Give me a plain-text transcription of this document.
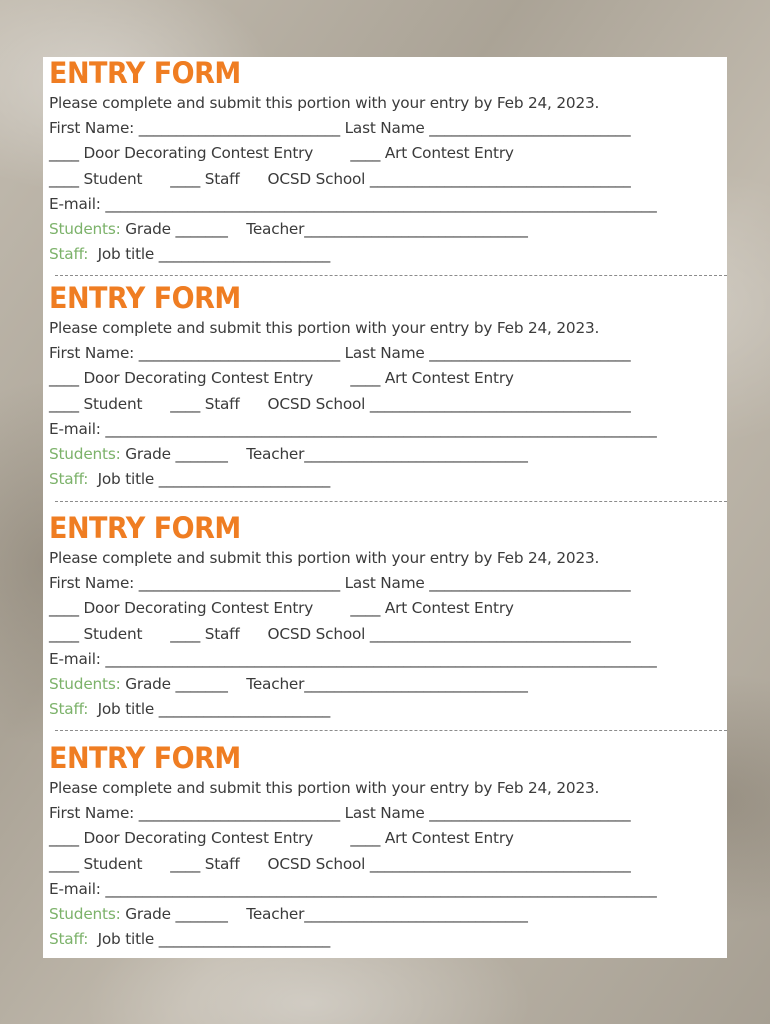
ENTRY FORM
Please complete and submit this portion with your entry by Feb 24, 2023.
First Name: ___________________________ Last Name ___________________________
____ Door Decorating Contest Entry        ____ Art Contest Entry
____ Student      ____ Staff      OCSD School ___________________________________
E-mail: __________________________________________________________________________
Students: Grade _______    Teacher______________________________
Staff:  Job title _______________________
ENTRY FORM
Please complete and submit this portion with your entry by Feb 24, 2023.
First Name: ___________________________ Last Name ___________________________
____ Door Decorating Contest Entry        ____ Art Contest Entry
____ Student      ____ Staff      OCSD School ___________________________________
E-mail: __________________________________________________________________________
Students: Grade _______    Teacher______________________________
Staff:  Job title _______________________
ENTRY FORM
Please complete and submit this portion with your entry by Feb 24, 2023.
First Name: ___________________________ Last Name ___________________________
____ Door Decorating Contest Entry        ____ Art Contest Entry
____ Student      ____ Staff      OCSD School ___________________________________
E-mail: __________________________________________________________________________
Students: Grade _______    Teacher______________________________
Staff:  Job title _______________________
ENTRY FORM
Please complete and submit this portion with your entry by Feb 24, 2023.
First Name: ___________________________ Last Name ___________________________
____ Door Decorating Contest Entry        ____ Art Contest Entry
____ Student      ____ Staff      OCSD School ___________________________________
E-mail: __________________________________________________________________________
Students: Grade _______    Teacher______________________________
Staff:  Job title _______________________
